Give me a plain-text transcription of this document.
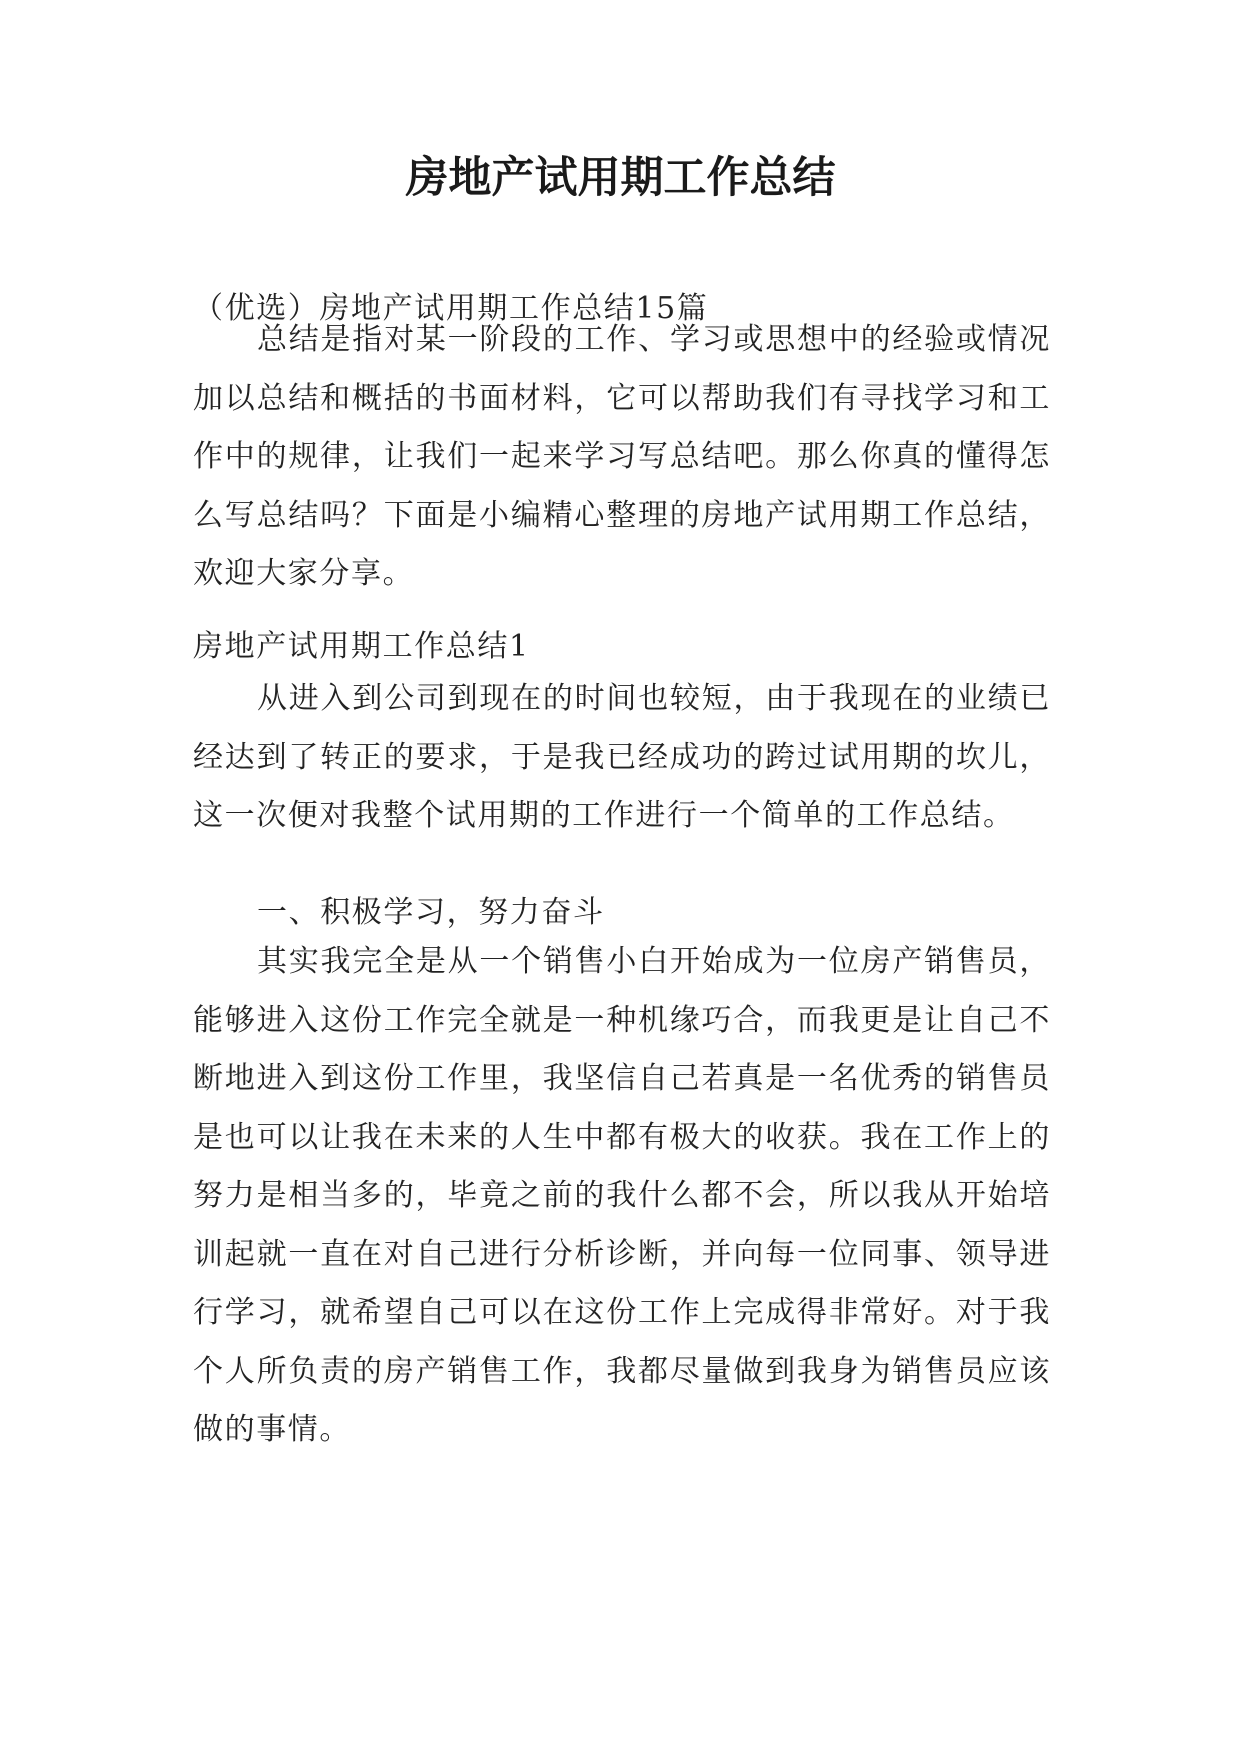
房地产试用期工作总结

（优选）房地产试用期工作总结15篇

总结是指对某一阶段的工作、学习或思想中的经验或情况加以总结和概括的书面材料，它可以帮助我们有寻找学习和工作中的规律，让我们一起来学习写总结吧。那么你真的懂得怎么写总结吗？下面是小编精心整理的房地产试用期工作总结，欢迎大家分享。

房地产试用期工作总结1

从进入到公司到现在的时间也较短，由于我现在的业绩已经达到了转正的要求，于是我已经成功的跨过试用期的坎儿，这一次便对我整个试用期的工作进行一个简单的工作总结。

一、积极学习，努力奋斗

其实我完全是从一个销售小白开始成为一位房产销售员，能够进入这份工作完全就是一种机缘巧合，而我更是让自己不断地进入到这份工作里，我坚信自己若真是一名优秀的销售员是也可以让我在未来的人生中都有极大的收获。我在工作上的努力是相当多的，毕竟之前的我什么都不会，所以我从开始培训起就一直在对自己进行分析诊断，并向每一位同事、领导进行学习，就希望自己可以在这份工作上完成得非常好。对于我个人所负责的房产销售工作，我都尽量做到我身为销售员应该做的事情。
